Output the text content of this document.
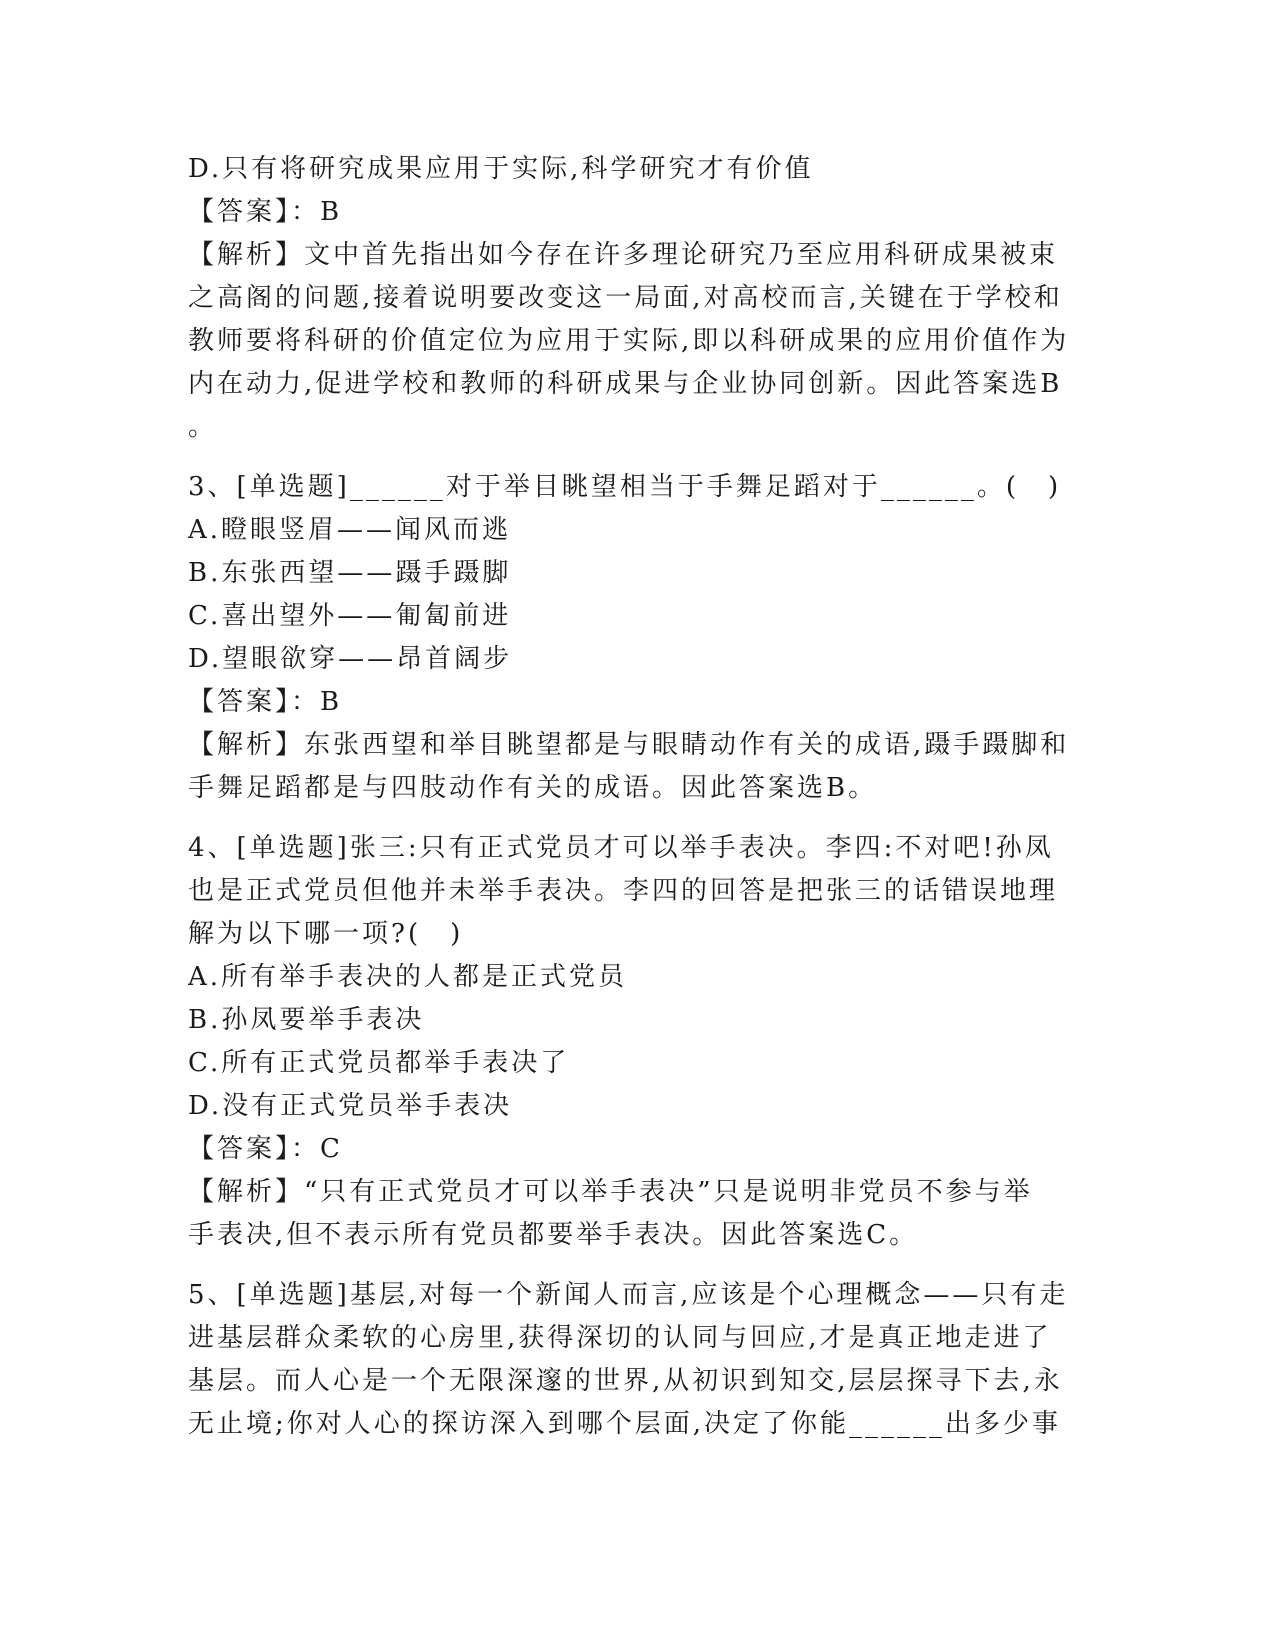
D.只有将研究成果应用于实际,科学研究才有价值
【答案】：B
【解析】文中首先指出如今存在许多理论研究乃至应用科研成果被束
之高阁的问题,接着说明要改变这一局面,对高校而言,关键在于学校和
教师要将科研的价值定位为应用于实际,即以科研成果的应用价值作为
内在动力,促进学校和教师的科研成果与企业协同创新。因此答案选B
。
3、[单选题]______对于举目眺望相当于手舞足蹈对于______。(　)
A.瞪眼竖眉——闻风而逃
B.东张西望——蹑手蹑脚
C.喜出望外——匍匐前进
D.望眼欲穿——昂首阔步
【答案】：B
【解析】东张西望和举目眺望都是与眼睛动作有关的成语,蹑手蹑脚和
手舞足蹈都是与四肢动作有关的成语。因此答案选B。
4、[单选题]张三:只有正式党员才可以举手表决。李四:不对吧!孙凤
也是正式党员但他并未举手表决。李四的回答是把张三的话错误地理
解为以下哪一项?(　)
A.所有举手表决的人都是正式党员
B.孙凤要举手表决
C.所有正式党员都举手表决了
D.没有正式党员举手表决
【答案】：C
【解析】“只有正式党员才可以举手表决”只是说明非党员不参与举
手表决,但不表示所有党员都要举手表决。因此答案选C。
5、[单选题]基层,对每一个新闻人而言,应该是个心理概念——只有走
进基层群众柔软的心房里,获得深切的认同与回应,才是真正地走进了
基层。而人心是一个无限深邃的世界,从初识到知交,层层探寻下去,永
无止境;你对人心的探访深入到哪个层面,决定了你能______出多少事
